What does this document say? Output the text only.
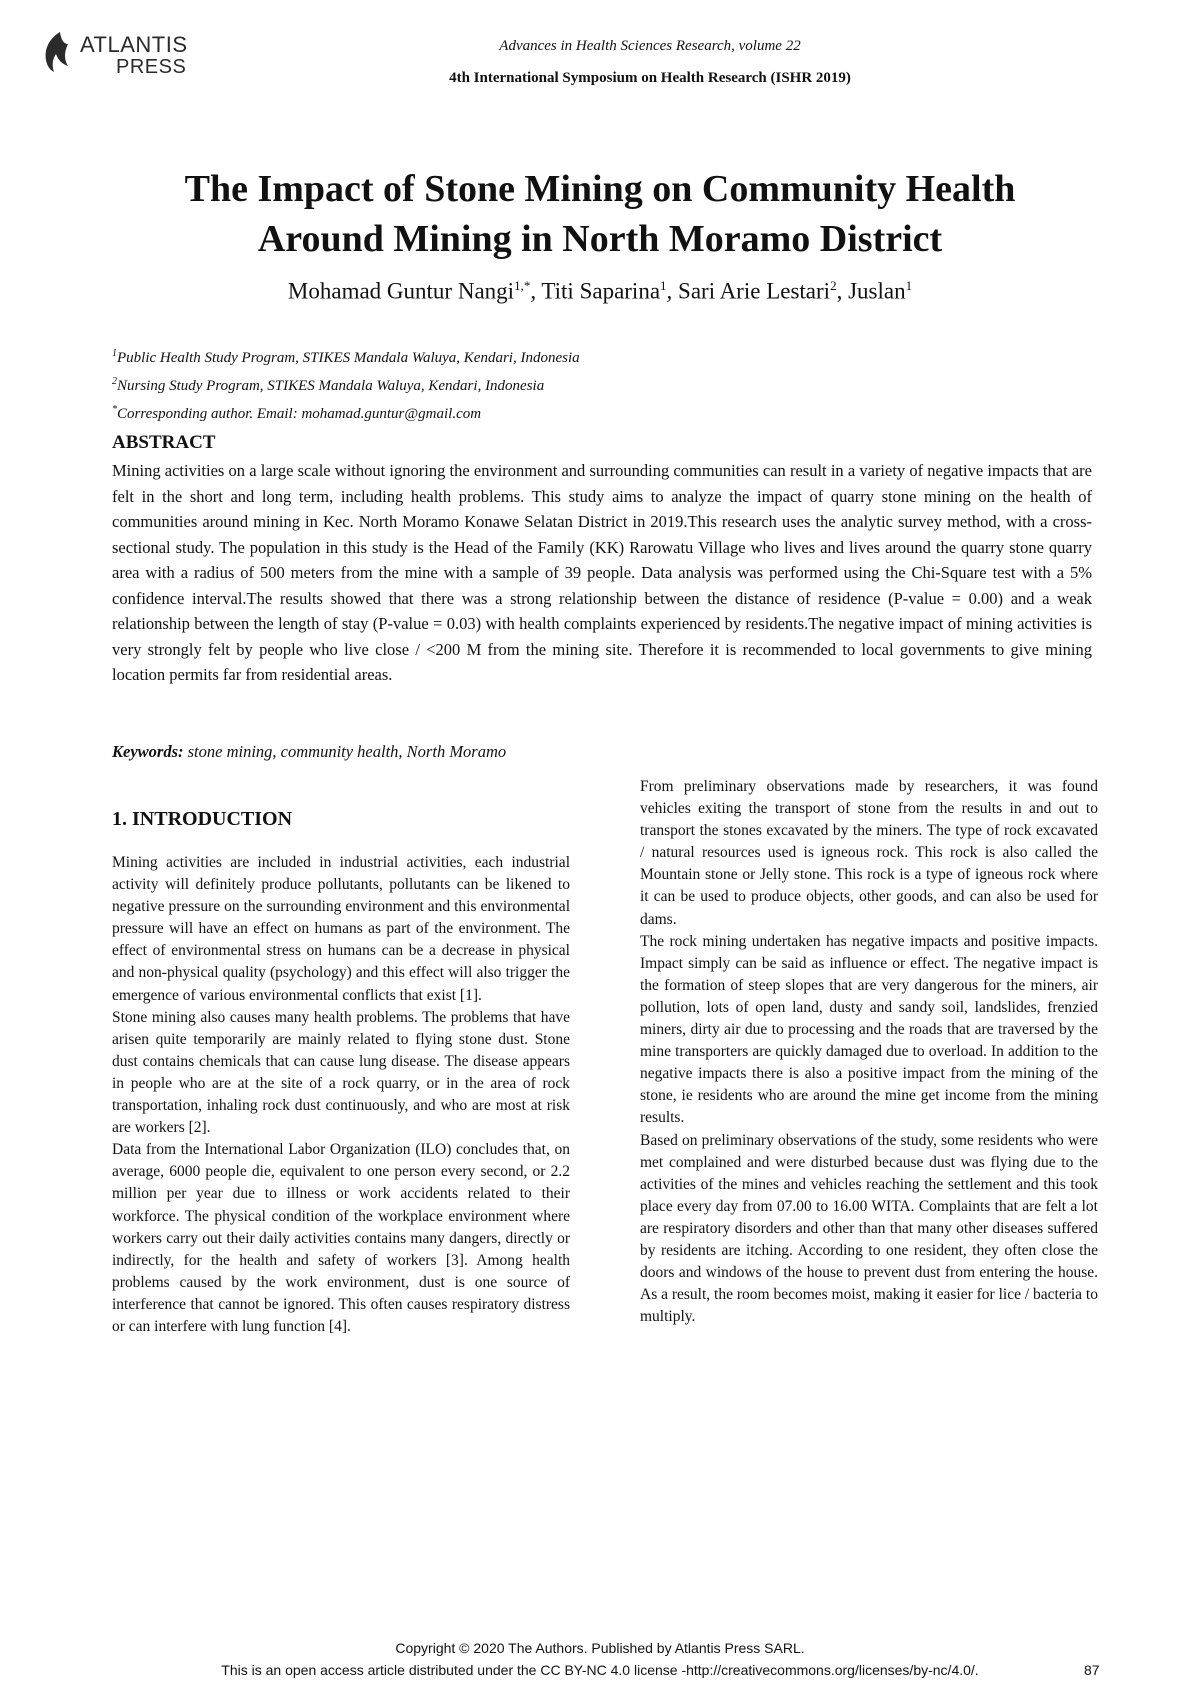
ATLANTIS
PRESS
Advances in Health Sciences Research, volume 22
4th International Symposium on Health Research (ISHR 2019)
The Impact of Stone Mining on Community Health
Around Mining in North Moramo District
Mohamad Guntur Nangi$^{1,*}$, Titi Saparina$^1$, Sari Arie Lestari$^2$, Juslan$^1$
$^1$Public Health Study Program, STIKES Mandala Waluya, Kendari, Indonesia
$^2$Nursing Study Program, STIKES Mandala Waluya, Kendari, Indonesia
*Corresponding author. Email: mohamad.guntur@gmail.com
ABSTRACT

Mining activities on a large scale without ignoring the environment and surrounding communities can result in a variety of negative impacts that are felt in the short and long term, including health problems. This study aims to analyze the impact of quarry stone mining on the health of communities around mining in Kec. North Moramo Konawe Selatan District in 2019.This research uses the analytic survey method, with a cross-sectional study. The population in this study is the Head of the Family (KK) Rarowatu Village who lives and lives around the quarry stone quarry area with a radius of 500 meters from the mine with a sample of 39 people. Data analysis was performed using the Chi-Square test with a 5% confidence interval.The results showed that there was a strong relationship between the distance of residence (P-value = 0.00) and a weak relationship between the length of stay (P-value = 0.03) with health complaints experienced by residents.The negative impact of mining activities is very strongly felt by people who live close / <200 M from the mining site. Therefore it is recommended to local governments to give mining location permits far from residential areas.

Keywords: stone mining, community health, North Moramo
1. INTRODUCTION

Mining activities are included in industrial activities, each industrial activity will definitely produce pollutants, pollutants can be likened to negative pressure on the surrounding environment and this environmental pressure will have an effect on humans as part of the environment. The effect of environmental stress on humans can be a decrease in physical and non-physical quality (psychology) and this effect will also trigger the emergence of various environmental conflicts that exist [1].

Stone mining also causes many health problems. The problems that have arisen quite temporarily are mainly related to flying stone dust. Stone dust contains chemicals that can cause lung disease. The disease appears in people who are at the site of a rock quarry, or in the area of rock transportation, inhaling rock dust continuously, and who are most at risk are workers [2].

Data from the International Labor Organization (ILO) concludes that, on average, 6000 people die, equivalent to one person every second, or 2.2 million per year due to illness or work accidents related to their workforce. The physical condition of the workplace environment where workers carry out their daily activities contains many dangers, directly or indirectly, for the health and safety of workers [3]. Among health problems caused by the work environment, dust is one source of interference that cannot be ignored. This often causes respiratory distress or can interfere with lung function [4].

From preliminary observations made by researchers, it was found vehicles exiting the transport of stone from the results in and out to transport the stones excavated by the miners. The type of rock excavated / natural resources used is igneous rock. This rock is also called the Mountain stone or Jelly stone. This rock is a type of igneous rock where it can be used to produce objects, other goods, and can also be used for dams.

The rock mining undertaken has negative impacts and positive impacts. Impact simply can be said as influence or effect. The negative impact is the formation of steep slopes that are very dangerous for the miners, air pollution, lots of open land, dusty and sandy soil, landslides, frenzied miners, dirty air due to processing and the roads that are traversed by the mine transporters are quickly damaged due to overload. In addition to the negative impacts there is also a positive impact from the mining of the stone, ie residents who are around the mine get income from the mining results.

Based on preliminary observations of the study, some residents who were met complained and were disturbed because dust was flying due to the activities of the mines and vehicles reaching the settlement and this took place every day from 07.00 to 16.00 WITA. Complaints that are felt a lot are respiratory disorders and other than that many other diseases suffered by residents are itching. According to one resident, they often close the doors and windows of the house to prevent dust from entering the house. As a result, the room becomes moist, making it easier for lice / bacteria to multiply.

Copyright © 2020 The Authors. Published by Atlantis Press SARL.
This is an open access article distributed under the CC BY-NC 4.0 license -http://creativecommons.org/licenses/by-nc/4.0/.	87
